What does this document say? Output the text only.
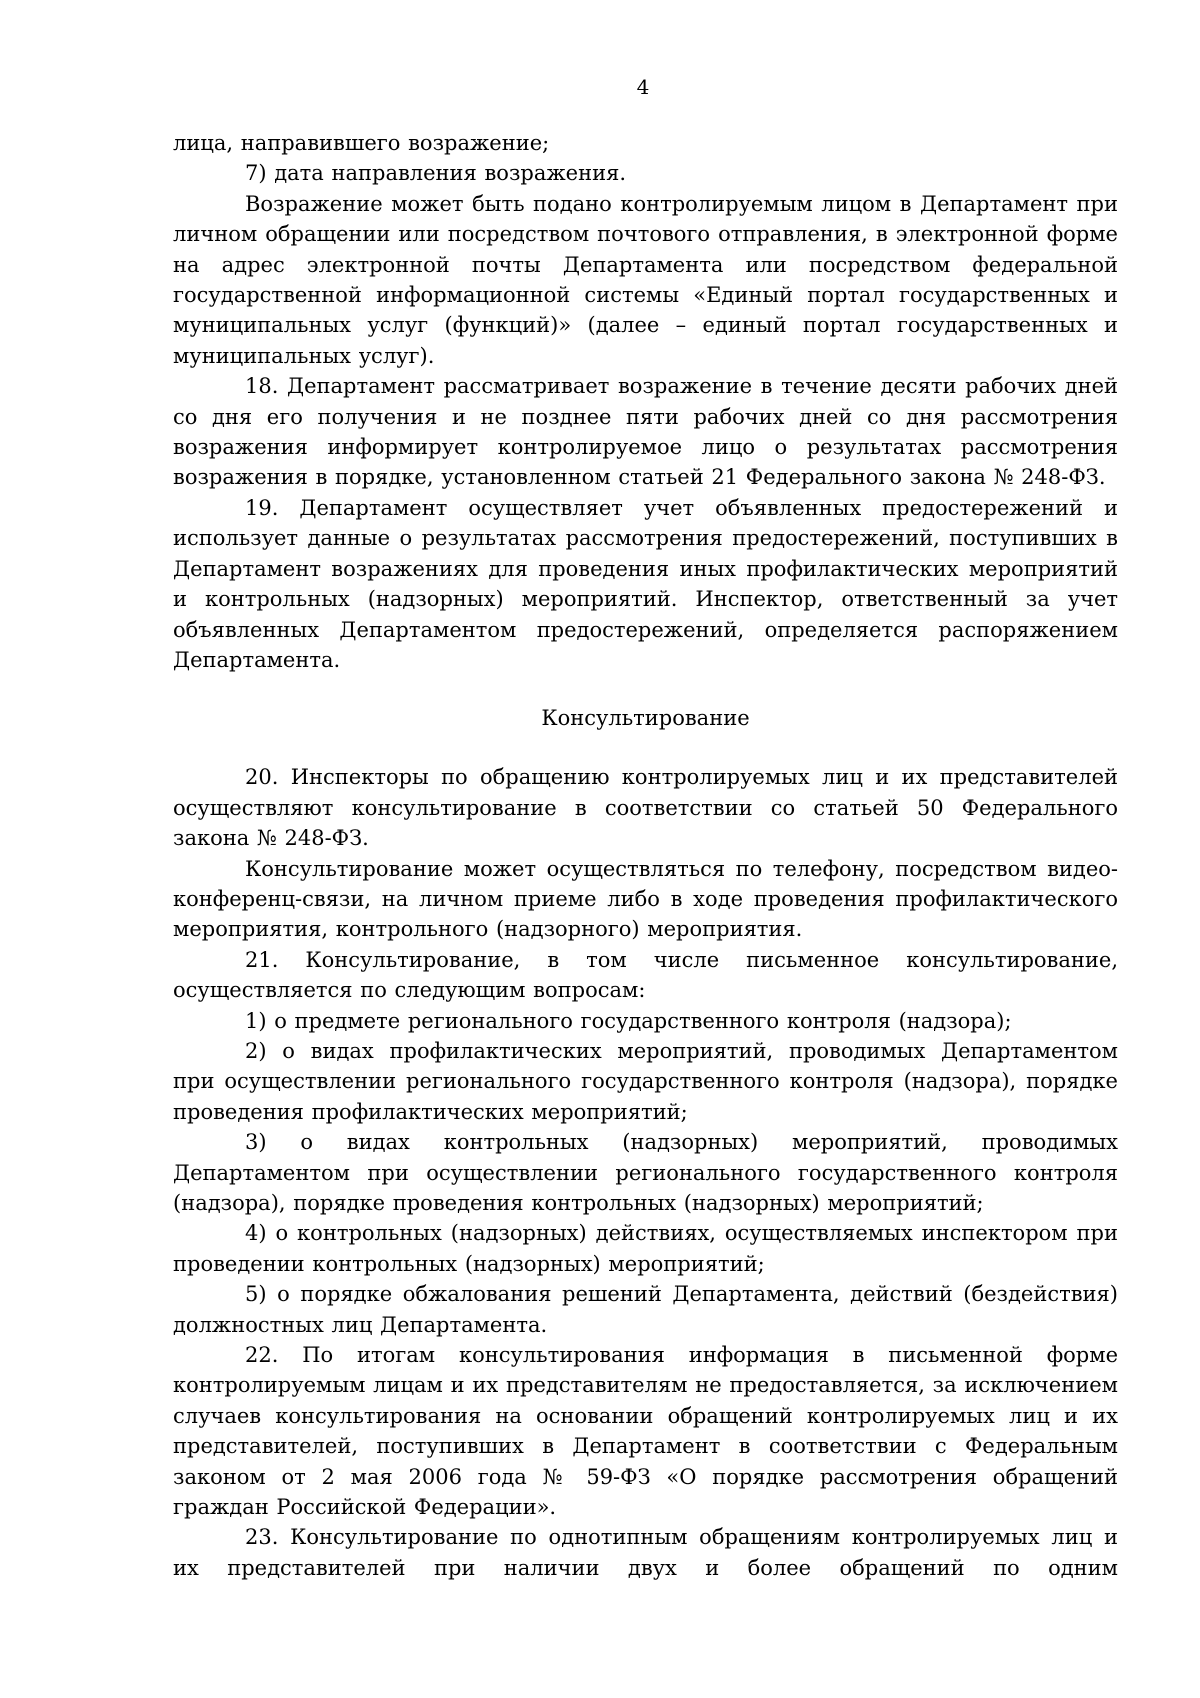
4

лица, направившего возражение;

7) дата направления возражения.

Возражение может быть подано контролируемым лицом в Департамент при личном обращении или посредством почтового отправления, в электронной форме на адрес электронной почты Департамента или посредством федеральной государственной информационной системы «Единый портал государственных и муниципальных услуг (функций)» (далее – единый портал государственных и муниципальных услуг).

18. Департамент рассматривает возражение в течение десяти рабочих дней со дня его получения и не позднее пяти рабочих дней со дня рассмотрения возражения информирует контролируемое лицо о результатах рассмотрения возражения в порядке, установленном статьей 21 Федерального закона № 248-ФЗ.

19. Департамент осуществляет учет объявленных предостережений и использует данные о результатах рассмотрения предостережений, поступивших в Департамент возражениях для проведения иных профилактических мероприятий и контрольных (надзорных) мероприятий. Инспектор, ответственный за учет объявленных Департаментом предостережений, определяется распоряжением Департамента.

Консультирование

20. Инспекторы по обращению контролируемых лиц и их представителей осуществляют консультирование в соответствии со статьей 50 Федерального закона № 248-ФЗ.

Консультирование может осуществляться по телефону, посредством видео-конференц-связи, на личном приеме либо в ходе проведения профилактического мероприятия, контрольного (надзорного) мероприятия.

21. Консультирование, в том числе письменное консультирование, осуществляется по следующим вопросам:

1) о предмете регионального государственного контроля (надзора);

2) о видах профилактических мероприятий, проводимых Департаментом при осуществлении регионального государственного контроля (надзора), порядке проведения профилактических мероприятий;

3) о видах контрольных (надзорных) мероприятий, проводимых Департаментом при осуществлении регионального государственного контроля (надзора), порядке проведения контрольных (надзорных) мероприятий;

4) о контрольных (надзорных) действиях, осуществляемых инспектором при проведении контрольных (надзорных) мероприятий;

5) о порядке обжалования решений Департамента, действий (бездействия) должностных лиц Департамента.

22. По итогам консультирования информация в письменной форме контролируемым лицам и их представителям не предоставляется, за исключением случаев консультирования на основании обращений контролируемых лиц и их представителей, поступивших в Департамент в соответствии с Федеральным законом от 2 мая 2006 года № 59-ФЗ «О порядке рассмотрения обращений граждан Российской Федерации».

23. Консультирование по однотипным обращениям контролируемых лиц и их представителей при наличии двух и более обращений по одним
